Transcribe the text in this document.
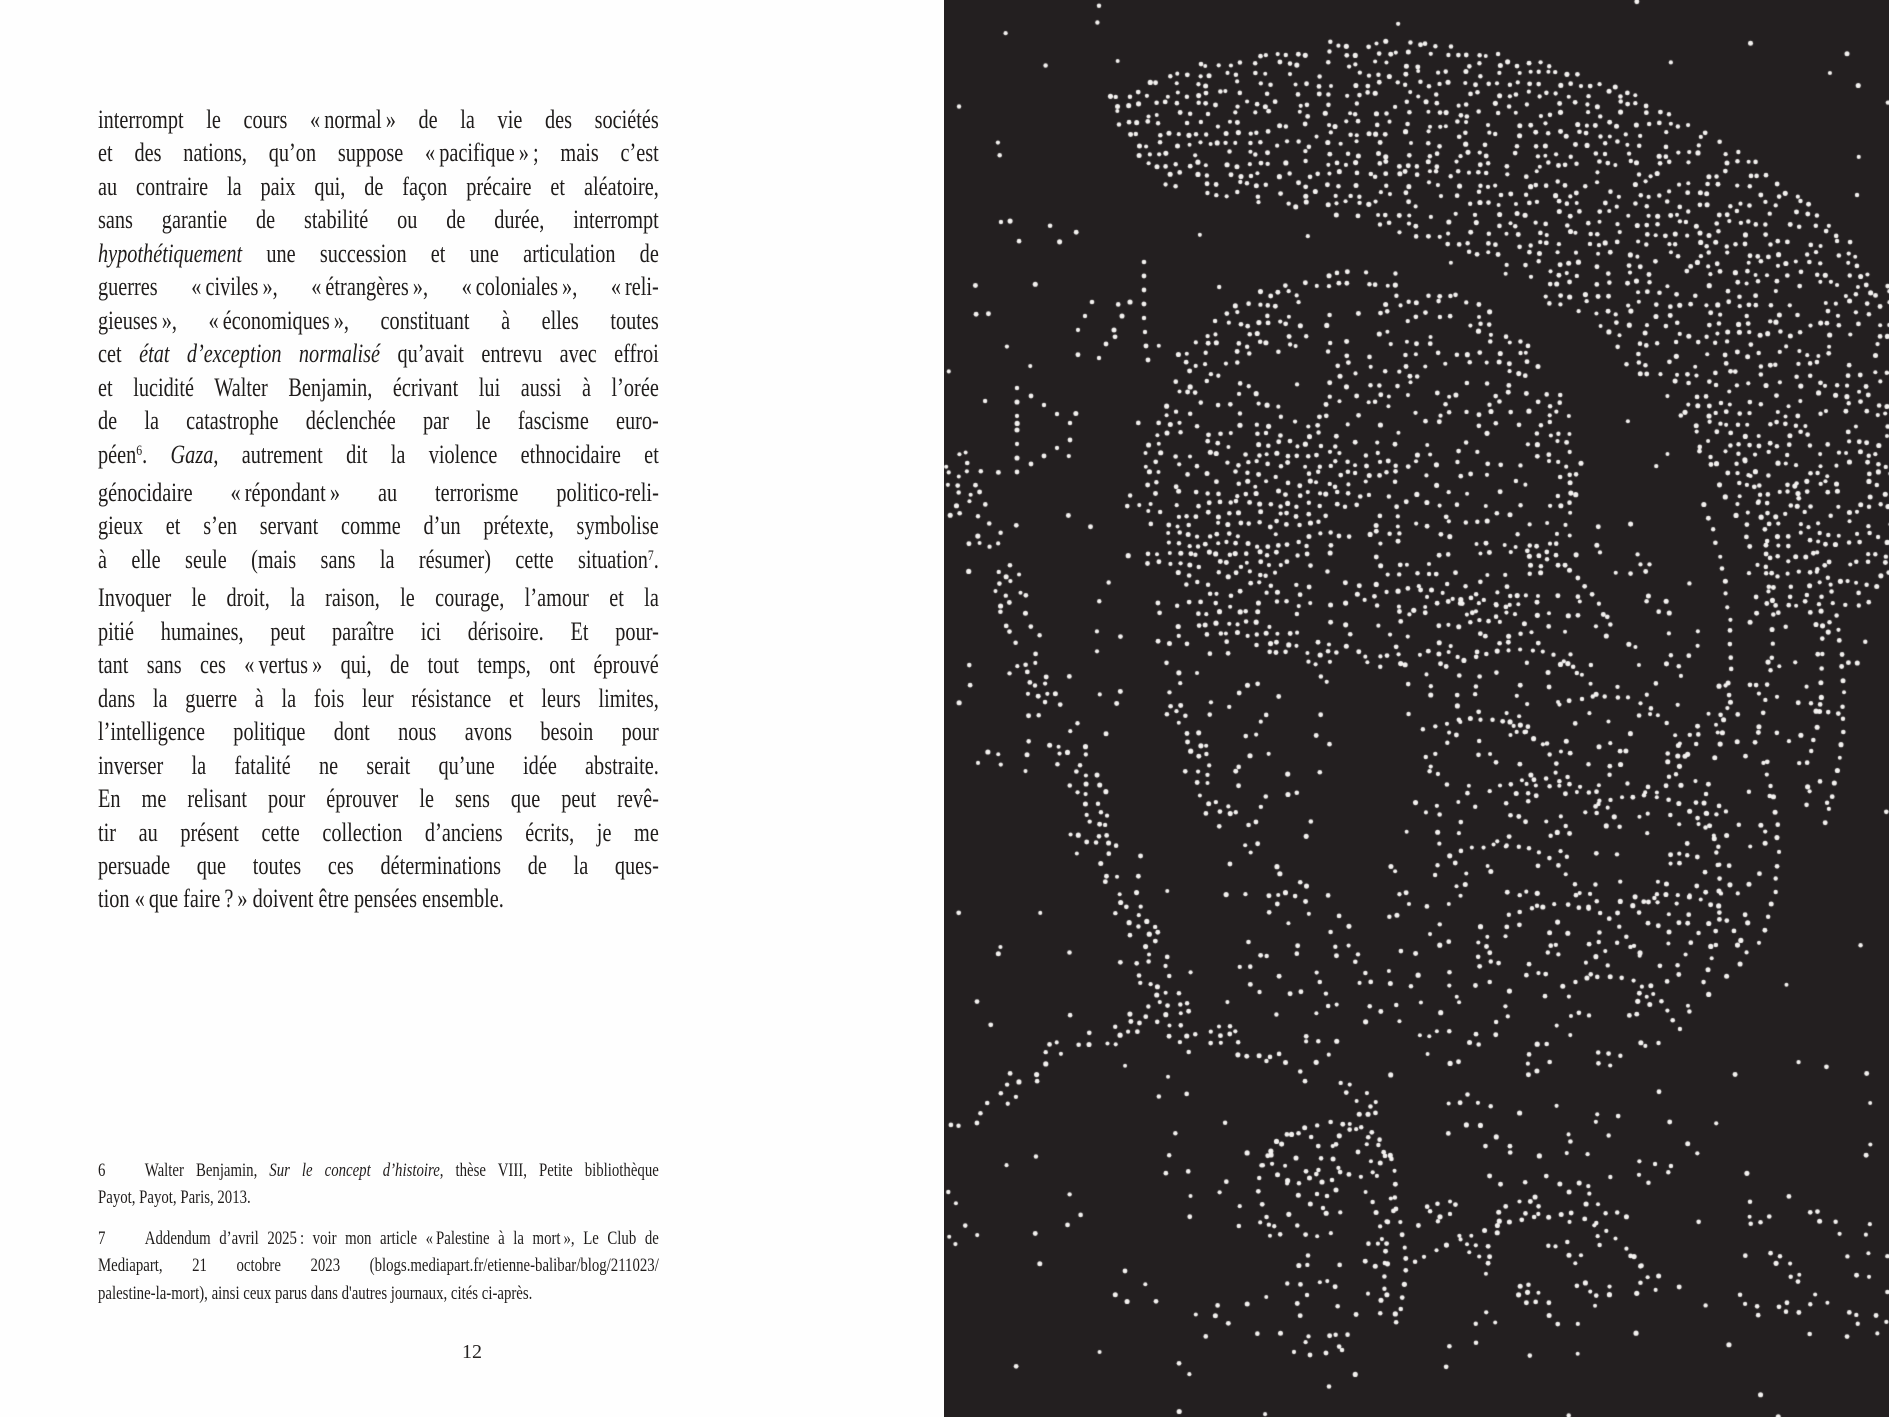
interrompt le cours « normal » de la vie des sociétés
et des nations, qu’on suppose « pacifique » ; mais c’est
au contraire la paix qui, de façon précaire et aléatoire,
sans garantie de stabilité ou de durée, interrompt
hypothétiquement une succession et une articulation de
guerres « civiles », « étrangères », « coloniales », « reli-
gieuses », « économiques », constituant à elles toutes
cet état d’exception normalisé qu’avait entrevu avec effroi
et lucidité Walter Benjamin, écrivant lui aussi à l’orée
de la catastrophe déclenchée par le fascisme euro-
péen$^6$. Gaza, autrement dit la violence ethnocidaire et
génocidaire « répondant » au terrorisme politico-reli-
gieux et s’en servant comme d’un prétexte, symbolise
à elle seule (mais sans la résumer) cette situation$^7$.
Invoquer le droit, la raison, le courage, l’amour et la
pitié humaines, peut paraître ici dérisoire. Et pour-
tant sans ces « vertus » qui, de tout temps, ont éprouvé
dans la guerre à la fois leur résistance et leurs limites,
l’intelligence politique dont nous avons besoin pour
inverser la fatalité ne serait qu’une idée abstraite.
En me relisant pour éprouver le sens que peut revê-
tir au présent cette collection d’anciens écrits, je me
persuade que toutes ces déterminations de la ques-
tion « que faire ? » doivent être pensées ensemble.
6 Walter Benjamin, Sur le concept d’histoire, thèse VIII, Petite bibliothèque
Payot, Payot, Paris, 2013.
7 Addendum d’avril 2025 : voir mon article « Palestine à la mort », Le Club de
Mediapart, 21 octobre 2023 (blogs.mediapart.fr/etienne-balibar/blog/211023/
palestine-la-mort), ainsi ceux parus dans d'autres journaux, cités ci-après.
12
